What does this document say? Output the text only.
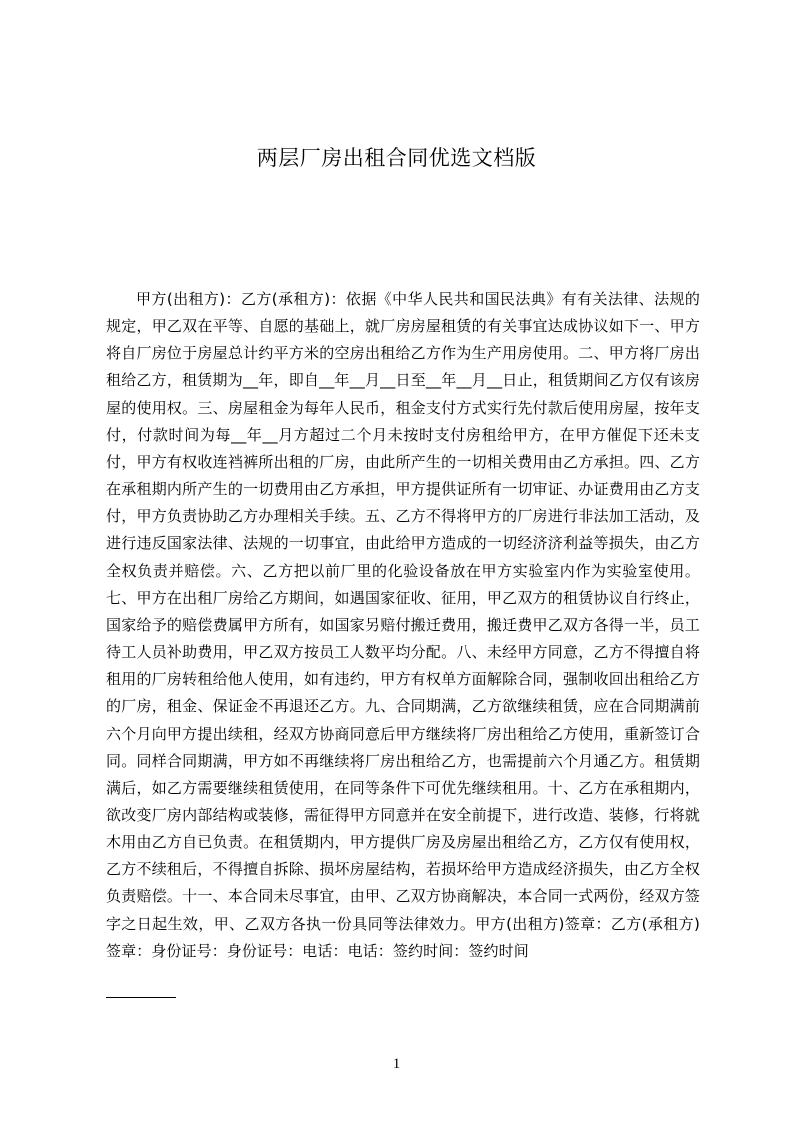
两层厂房出租合同优选文档版

甲方(出租方)：乙方(承租方)：依据《中华人民共和国民法典》有有关法律、法规的规定，甲乙双在平等、自愿的基础上，就厂房房屋租赁的有关事宜达成协议如下一、甲方将自厂房位于房屋总计约平方米的空房出租给乙方作为生产用房使用。二、甲方将厂房出租给乙方，租赁期为__年，即自__年__月__日至__年__月__日止，租赁期间乙方仅有该房屋的使用权。三、房屋租金为每年人民币，租金支付方式实行先付款后使用房屋，按年支付，付款时间为每__年__月方超过二个月未按时支付房租给甲方，在甲方催促下还未支付，甲方有权收连裆裤所出租的厂房，由此所产生的一切相关费用由乙方承担。四、乙方在承租期内所产生的一切费用由乙方承担，甲方提供证所有一切审证、办证费用由乙方支付，甲方负责协助乙方办理相关手续。五、乙方不得将甲方的厂房进行非法加工活动，及进行违反国家法律、法规的一切事宜，由此给甲方造成的一切经济济利益等损失，由乙方全权负责并赔偿。六、乙方把以前厂里的化验设备放在甲方实验室内作为实验室使用。七、甲方在出租厂房给乙方期间，如遇国家征收、征用，甲乙双方的租赁协议自行终止，国家给予的赔偿费属甲方所有，如国家另赔付搬迁费用，搬迁费甲乙双方各得一半，员工待工人员补助费用，甲乙双方按员工人数平均分配。八、未经甲方同意，乙方不得擅自将租用的厂房转租给他人使用，如有违约，甲方有权单方面解除合同，强制收回出租给乙方的厂房，租金、保证金不再退还乙方。九、合同期满，乙方欲继续租赁，应在合同期满前六个月向甲方提出续租，经双方协商同意后甲方继续将厂房出租给乙方使用，重新签订合同。同样合同期满，甲方如不再继续将厂房出租给乙方，也需提前六个月通乙方。租赁期满后，如乙方需要继续租赁使用，在同等条件下可优先继续租用。十、乙方在承租期内，欲改变厂房内部结构或装修，需征得甲方同意并在安全前提下，进行改造、装修，行将就木用由乙方自已负责。在租赁期内，甲方提供厂房及房屋出租给乙方，乙方仅有使用权，乙方不续租后，不得擅自拆除、损坏房屋结构，若损坏给甲方造成经济损失，由乙方全权负责赔偿。十一、本合同未尽事宜，由甲、乙双方协商解决，本合同一式两份，经双方签字之日起生效，甲、乙双方各执一份具同等法律效力。甲方(出租方)签章：乙方(承租方)签章：身份证号：身份证号：电话：电话：签约时间：签约时间

1
